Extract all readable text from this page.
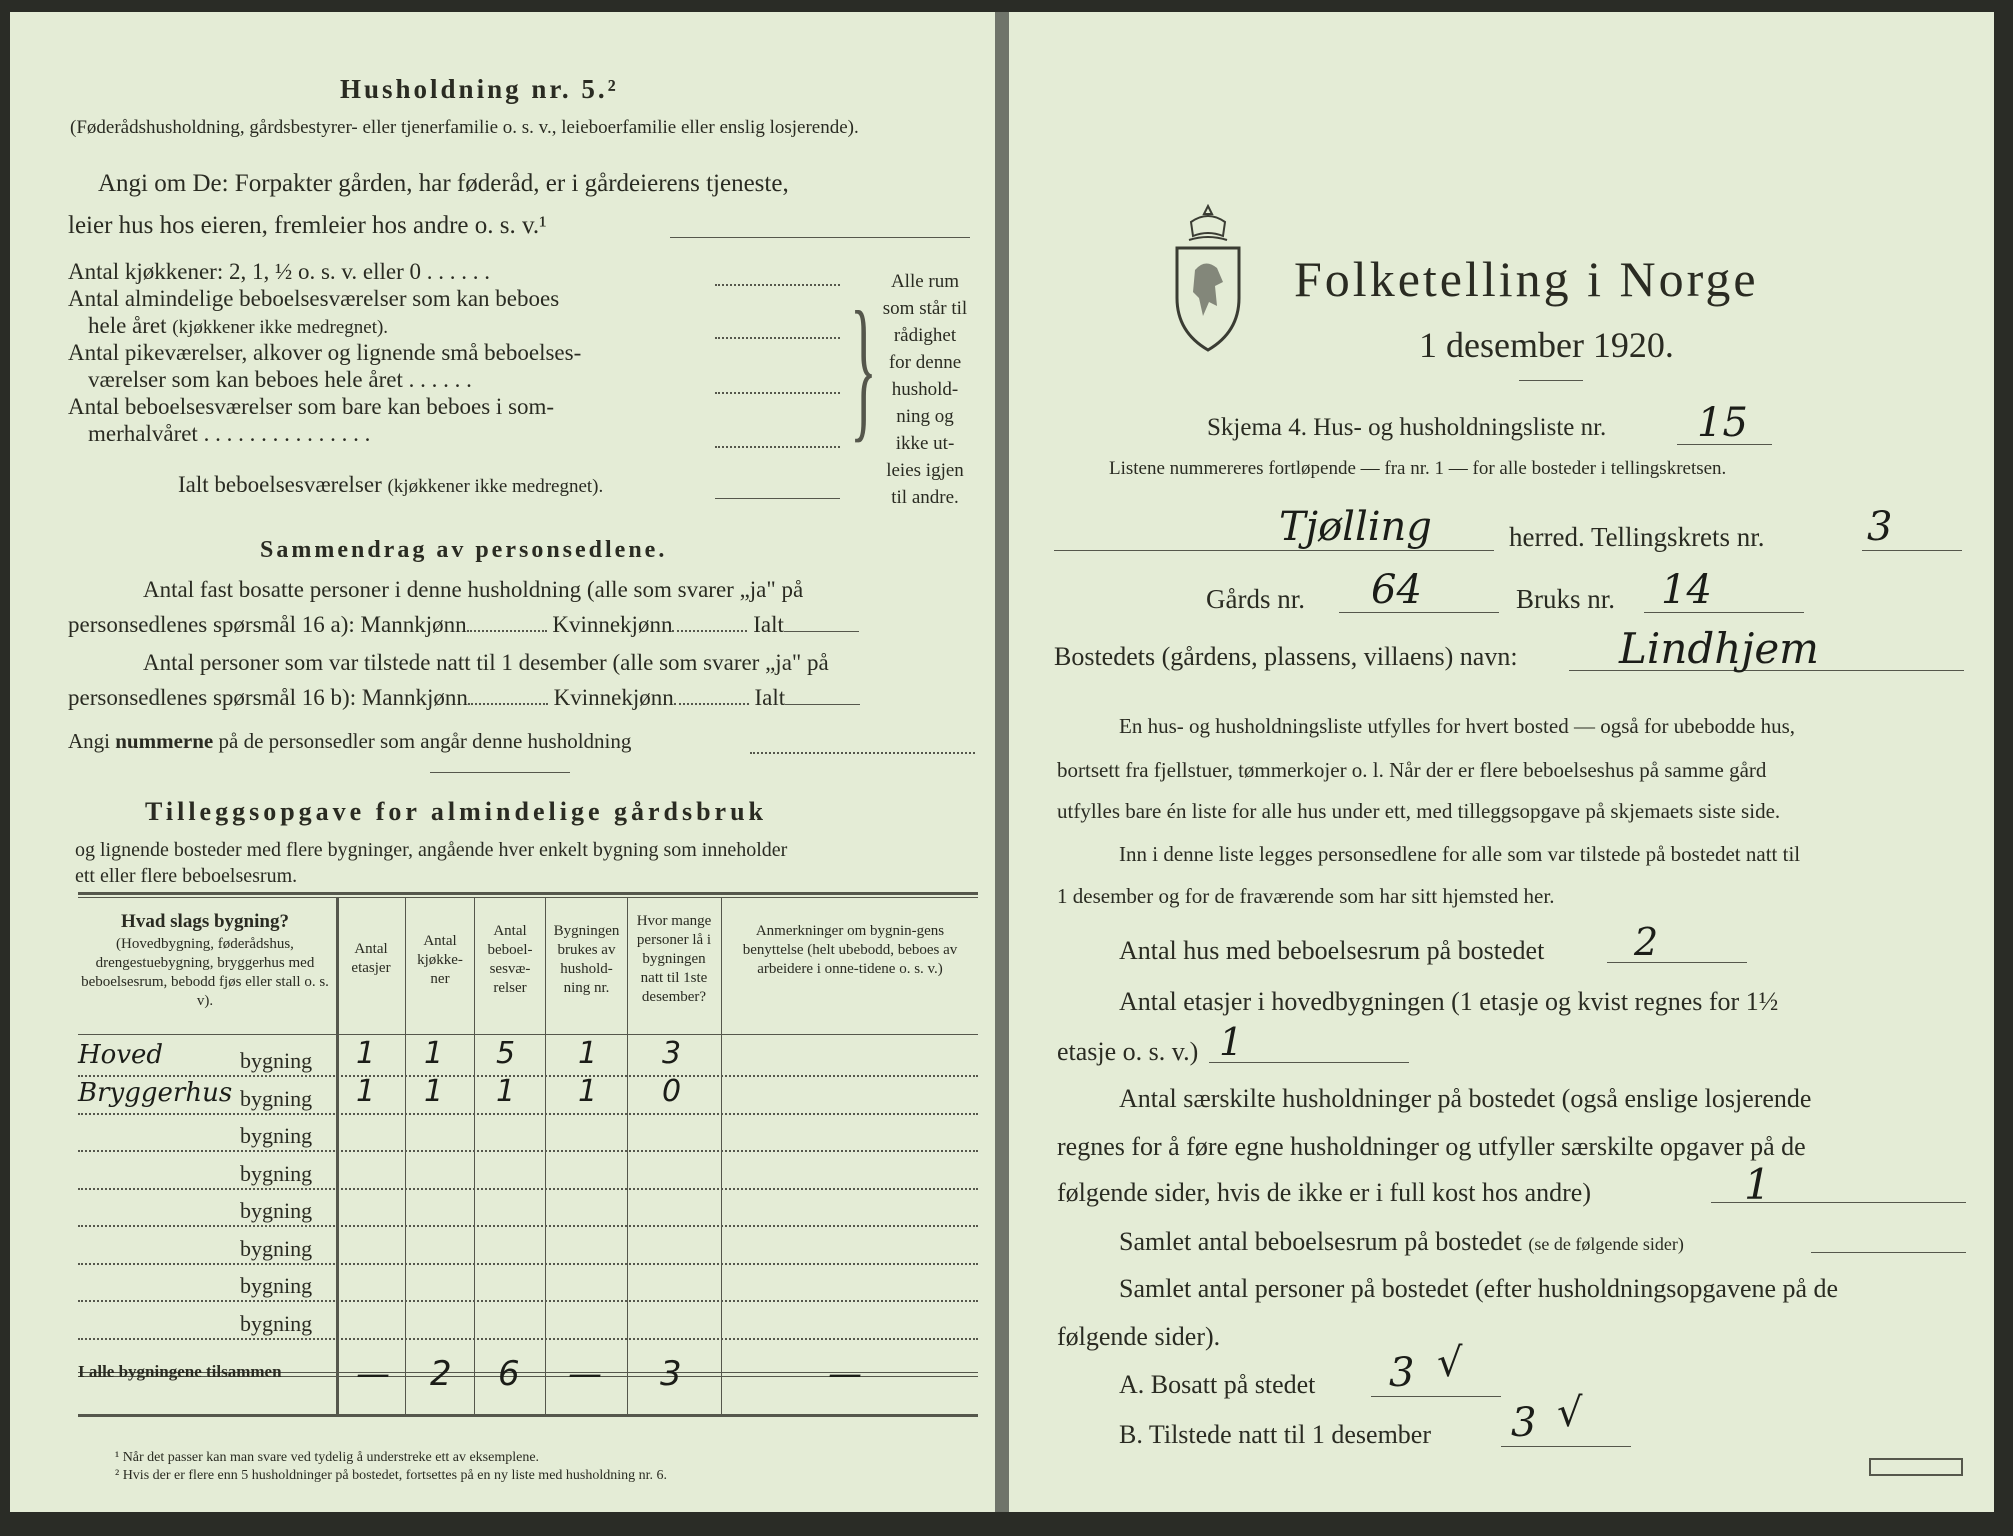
Husholdning nr. 5.²
(Føderådshusholdning, gårdsbestyrer- eller tjenerfamilie o. s. v., leieboerfamilie eller enslig losjerende).
Angi om De: Forpakter gården, har føderåd, er i gårdeierens tjeneste,
leier hus hos eieren, fremleier hos andre o. s. v.¹
Antal kjøkkener: 2, 1, ½ o. s. v. eller 0 . . . . . .
Antal almindelige beboelsesværelser som kan beboes
hele året (kjøkkener ikke medregnet).
Antal pikeværelser, alkover og lignende små beboelses-
værelser som kan beboes hele året . . . . . .
Antal beboelsesværelser som bare kan beboes i som-
merhalvåret . . . . . . . . . . . . . . .
Ialt beboelsesværelser (kjøkkener ikke medregnet).
} Alle rum
som står til
rådighet
for denne
hushold-
ning og
ikke ut-
leies igjen
til andre.
Sammendrag av personsedlene.
Antal fast bosatte personer i denne husholdning (alle som svarer „ja" på
personsedlenes spørsmål 16 a): Mannkjønn	Kvinnekjønn	Ialt
Antal personer som var tilstede natt til 1 desember (alle som svarer „ja" på
personsedlenes spørsmål 16 b): Mannkjønn	Kvinnekjønn	Ialt
Angi nummerne på de personsedler som angår denne husholdning
Tilleggsopgave for almindelige gårdsbruk
og lignende bosteder med flere bygninger, angående hver enkelt bygning som inneholder
ett eller flere beboelsesrum.
Hvad slags bygning?
(Hovedbygning, føderådshus, drengestuebygning, bryggerhus med beboelsesrum, bebodd fjøs eller stall o. s. v).
Antal etasjer
Antal kjøkke-ner
Antal beboel-sesvæ-relser
Bygningen brukes av hushold-ning nr.
Hvor mange personer lå i bygningen natt til 1ste desember?
Anmerkninger om bygnin-gens benyttelse (helt ubebodd, beboes av arbeidere i onne-tidene o. s. v.)
Hoved	bygning 1 1 5 1 3
Bryggerhus bygning 1 1 1 1 0
bygning
bygning
bygning
bygning
bygning
bygning
I alle bygningene tilsammen — 2 6 — 3	—
¹ Når det passer kan man svare ved tydelig å understreke ett av eksemplene.
² Hvis der er flere enn 5 husholdninger på bostedet, fortsettes på en ny liste med husholdning nr. 6.
Folketelling i Norge
1 desember 1920.
Skjema 4. Hus- og husholdningsliste nr. 15
Listene nummereres fortløpende — fra nr. 1 — for alle bosteder i tellingskretsen.
Tjølling	herred. Tellingskrets nr.	3
Gårds nr. 64	Bruks nr. 14
Bostedets (gårdens, plassens, villaens) navn: Lindhjem
En hus- og husholdningsliste utfylles for hvert bosted — også for ubebodde hus,
bortsett fra fjellstuer, tømmerkojer o. l. Når der er flere beboelseshus på samme gård
utfylles bare én liste for alle hus under ett, med tilleggsopgave på skjemaets siste side.
Inn i denne liste legges personsedlene for alle som var tilstede på bostedet natt til
1 desember og for de fraværende som har sitt hjemsted her.
Antal hus med beboelsesrum på bostedet 2
Antal etasjer i hovedbygningen (1 etasje og kvist regnes for 1½
etasje o. s. v.) 1
Antal særskilte husholdninger på bostedet (også enslige losjerende
regnes for å føre egne husholdninger og utfyller særskilte opgaver på de
følgende sider, hvis de ikke er i full kost hos andre)	1
Samlet antal beboelsesrum på bostedet (se de følgende sider)
Samlet antal personer på bostedet (efter husholdningsopgavene på de
følgende sider).
A. Bosatt på stedet 3 √
B. Tilstede natt til 1 desember 3 √
